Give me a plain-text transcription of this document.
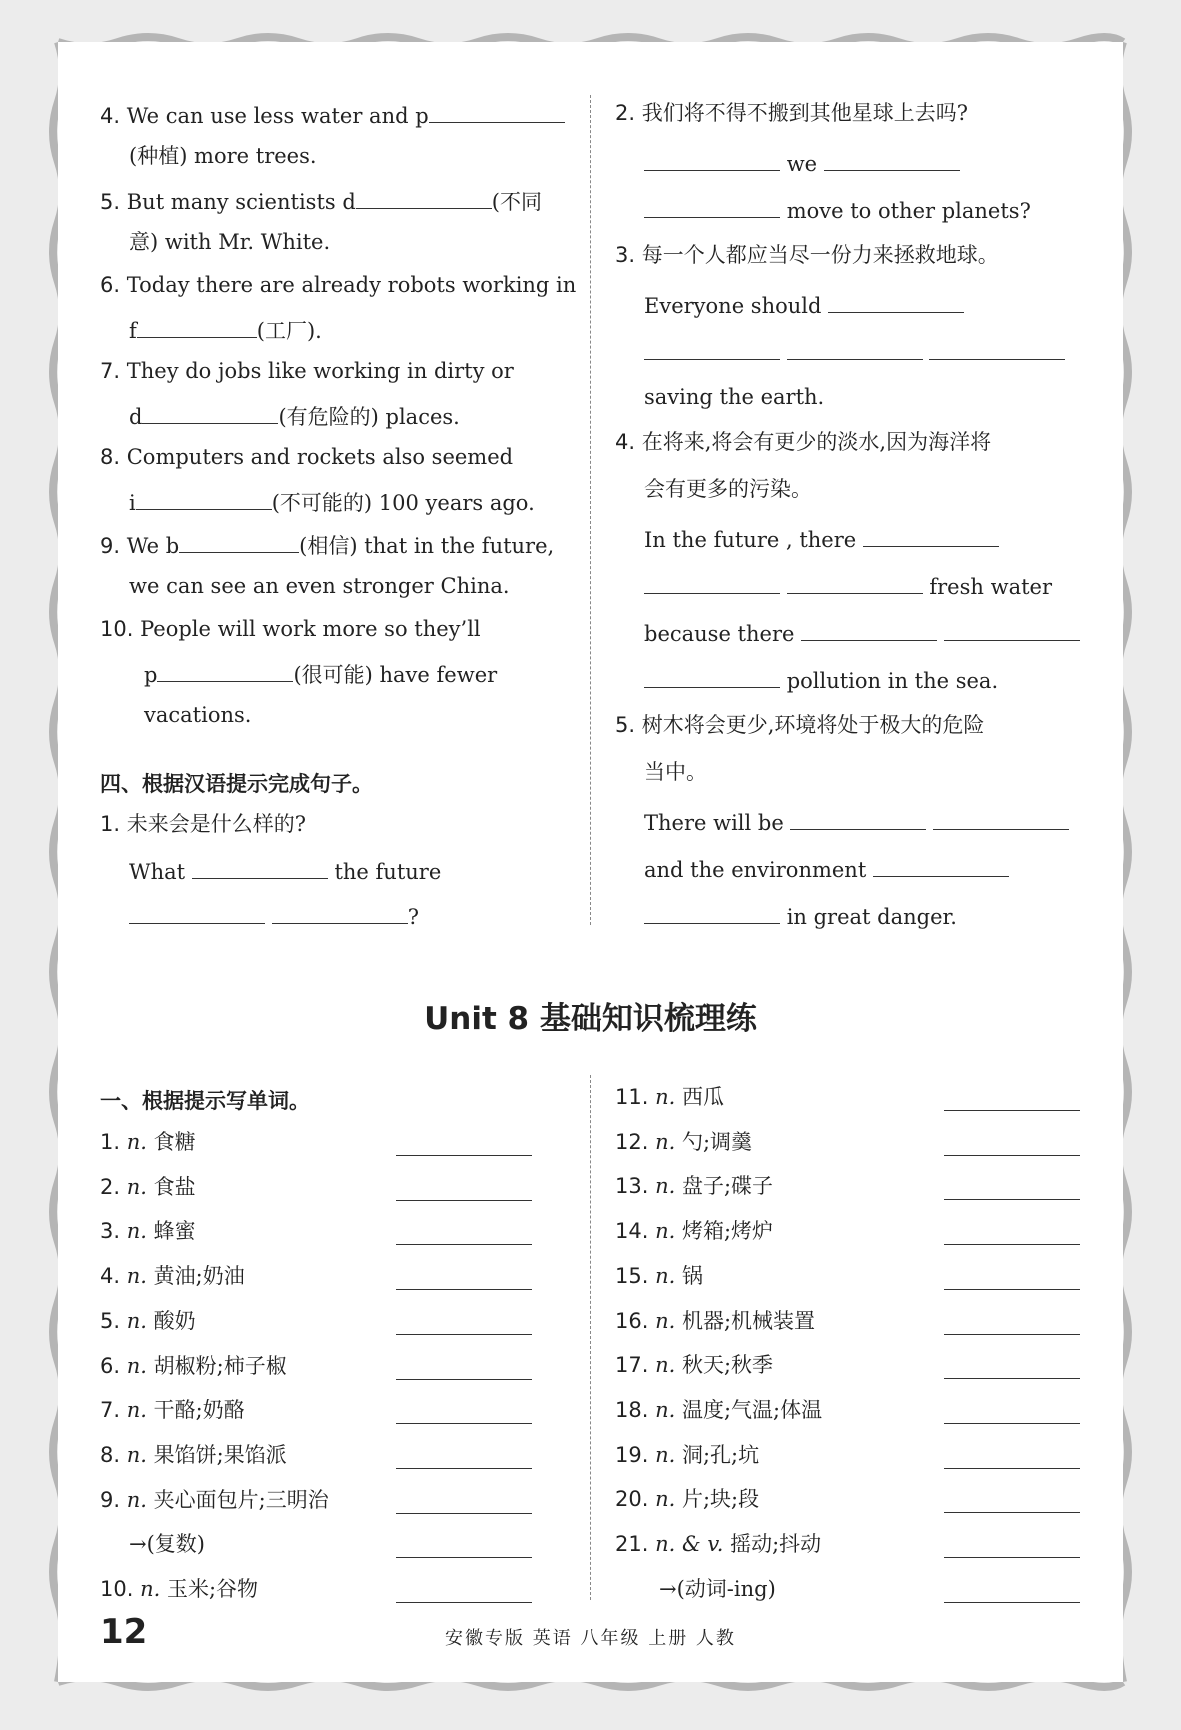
4. We can use less water and p
(种植) more trees.
5. But many scientists d	(不同
意) with Mr. White.
6. Today there are already robots working in
f	(工厂).
7. They do jobs like working in dirty or
d	(有危险的) places.
8. Computers and rockets also seemed
i	(不可能的) 100 years ago.
9. We b	(相信) that in the future,
we can see an even stronger China.
10. People will work more so they’ll
p	(很可能) have fewer
vacations.
四、根据汉语提示完成句子。
1. 未来会是什么样的?
What	the future
?
2. 我们将不得不搬到其他星球上去吗?
we
move to other planets?
3. 每一个人都应当尽一份力来拯救地球。
Everyone should

saving the earth.
4. 在将来,将会有更少的淡水,因为海洋将
会有更多的污染。
In the future , there
fresh water
because there
pollution in the sea.
5. 树木将会更少,环境将处于极大的危险
当中。
There will be
and the environment
in great danger.
Unit 8 基础知识梳理练
一、根据提示写单词。
1. n. 食糖
2. n. 食盐
3. n. 蜂蜜
4. n. 黄油;奶油
5. n. 酸奶
6. n. 胡椒粉;柿子椒
7. n. 干酪;奶酪
8. n. 果馅饼;果馅派
9. n. 夹心面包片;三明治
→(复数)
10. n. 玉米;谷物
11. n. 西瓜
12. n. 勺;调羹
13. n. 盘子;碟子
14. n. 烤箱;烤炉
15. n. 锅
16. n. 机器;机械装置
17. n. 秋天;秋季
18. n. 温度;气温;体温
19. n. 洞;孔;坑
20. n. 片;块;段
21. n. & v. 摇动;抖动
→(动词-ing)
12	安徽专版 英语 八年级 上册 人教
